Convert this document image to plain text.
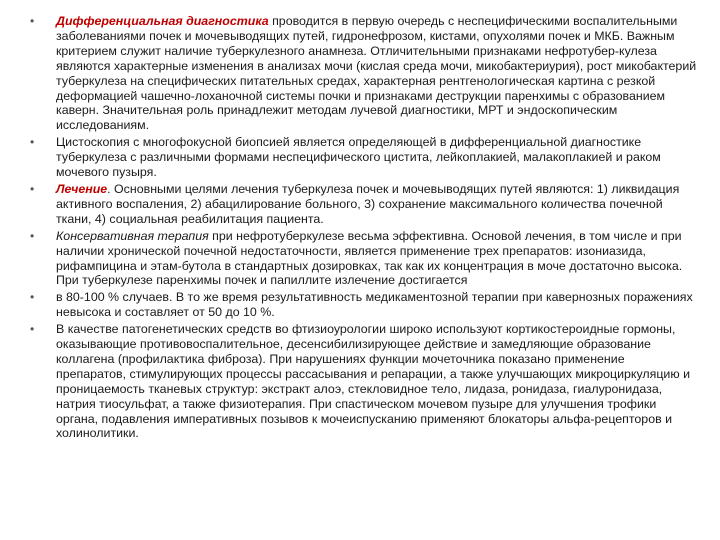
•	Дифференциальная диагностика проводится в первую очередь с неспецифическими воспалительными заболеваниями почек и мочевыводящих путей, гидронефрозом, кистами, опухолями почек и МКБ. Важным критерием служит наличие туберкулезного анамнеза. Отличительными признаками нефротубер-кулеза являются характерные изменения в анализах мочи (кислая среда мочи, микобактериурия), рост микобактерий туберкулеза на специфических питательных средах, характерная рентгенологическая картина с резкой деформацией чашечно-лоханочной системы почки и признаками деструкции паренхимы с образованием каверн. Значительная роль принадлежит методам лучевой диагностики, МРТ и эндоскопическим исследованиям.
•	Цистоскопия с многофокусной биопсией является определяющей в дифференциальной диагностике туберкулеза с различными формами неспецифического цистита, лейкоплакией, малакоплакией и раком мочевого пузыря.
•	Лечение. Основными целями лечения туберкулеза почек и мочевыводящих путей являются: 1) ликвидация активного воспаления, 2) абацилирование больного, 3) сохранение максимального количества почечной ткани, 4) социальная реабилитация пациента.
•	Консервативная терапия при нефротуберкулезе весьма эффективна. Основой лечения, в том числе и при наличии хронической почечной недостаточности, является применение трех препаратов: изониазида, рифампицина и этам-бутола в стандартных дозировках, так как их концентрация в моче достаточно высока. При туберкулезе паренхимы почек и папиллите излечение достигается
•	в 80-100 % случаев. В то же время результативность медикаментозной терапии при кавернозных поражениях невысока и составляет от 50 до 10 %.
•	В качестве патогенетических средств во фтизиоурологии широко используют кортикостероидные гормоны, оказывающие противовоспалительное, десенсибилизирующее действие и замедляющие образование коллагена (профилактика фиброза). При нарушениях функции мочеточника показано применение препаратов, стимулирующих процессы рассасывания и репарации, а также улучшающих микроциркуляцию и проницаемость тканевых структур: экстракт алоэ, стекловидное тело, лидаза, ронидаза, гиалуронидаза, натрия тиосульфат, а также физиотерапия. При спастическом мочевом пузыре для улучшения трофики органа, подавления императивных позывов к мочеиспусканию применяют блокаторы альфа-рецепторов и холинолитики.
